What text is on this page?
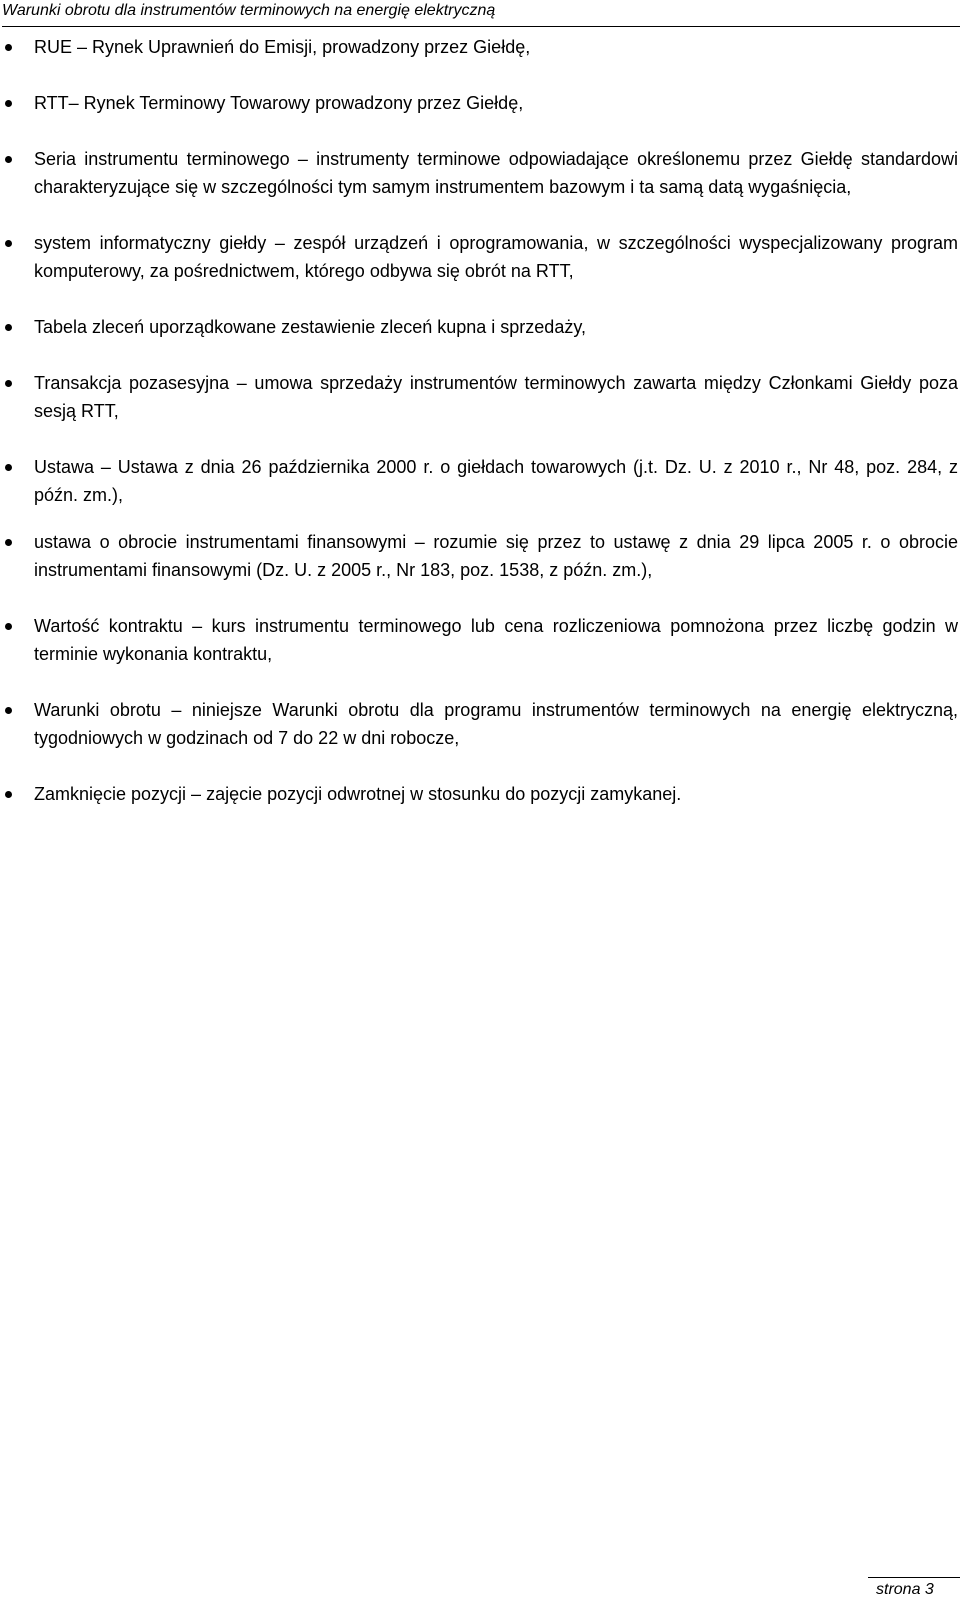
Warunki obrotu dla instrumentów terminowych na energię elektryczną
RUE – Rynek Uprawnień do Emisji, prowadzony przez Giełdę,
RTT– Rynek Terminowy Towarowy prowadzony przez Giełdę,
Seria instrumentu terminowego – instrumenty terminowe odpowiadające określonemu przez Giełdę standardowi charakteryzujące się w szczególności tym samym instrumentem bazowym i ta samą datą wygaśnięcia,
system informatyczny giełdy – zespół urządzeń i oprogramowania, w szczególności wyspecjalizowany program komputerowy, za pośrednictwem, którego odbywa się obrót na RTT,
Tabela zleceń uporządkowane zestawienie zleceń kupna i sprzedaży,
Transakcja pozasesyjna – umowa sprzedaży instrumentów terminowych zawarta między Członkami Giełdy poza sesją RTT,
Ustawa – Ustawa z dnia 26 października 2000 r. o giełdach towarowych (j.t. Dz. U. z 2010 r., Nr 48, poz. 284, z późn. zm.),
ustawa o obrocie instrumentami finansowymi – rozumie się przez to ustawę z dnia 29 lipca 2005 r. o obrocie instrumentami finansowymi (Dz. U. z 2005 r., Nr 183, poz. 1538, z późn. zm.),
Wartość kontraktu – kurs instrumentu terminowego lub cena rozliczeniowa pomnożona przez liczbę godzin w terminie wykonania kontraktu,
Warunki obrotu – niniejsze Warunki obrotu dla programu instrumentów terminowych na energię elektryczną, tygodniowych w godzinach od 7 do 22 w dni robocze,
Zamknięcie pozycji – zajęcie pozycji odwrotnej w stosunku do pozycji zamykanej.
strona 3
